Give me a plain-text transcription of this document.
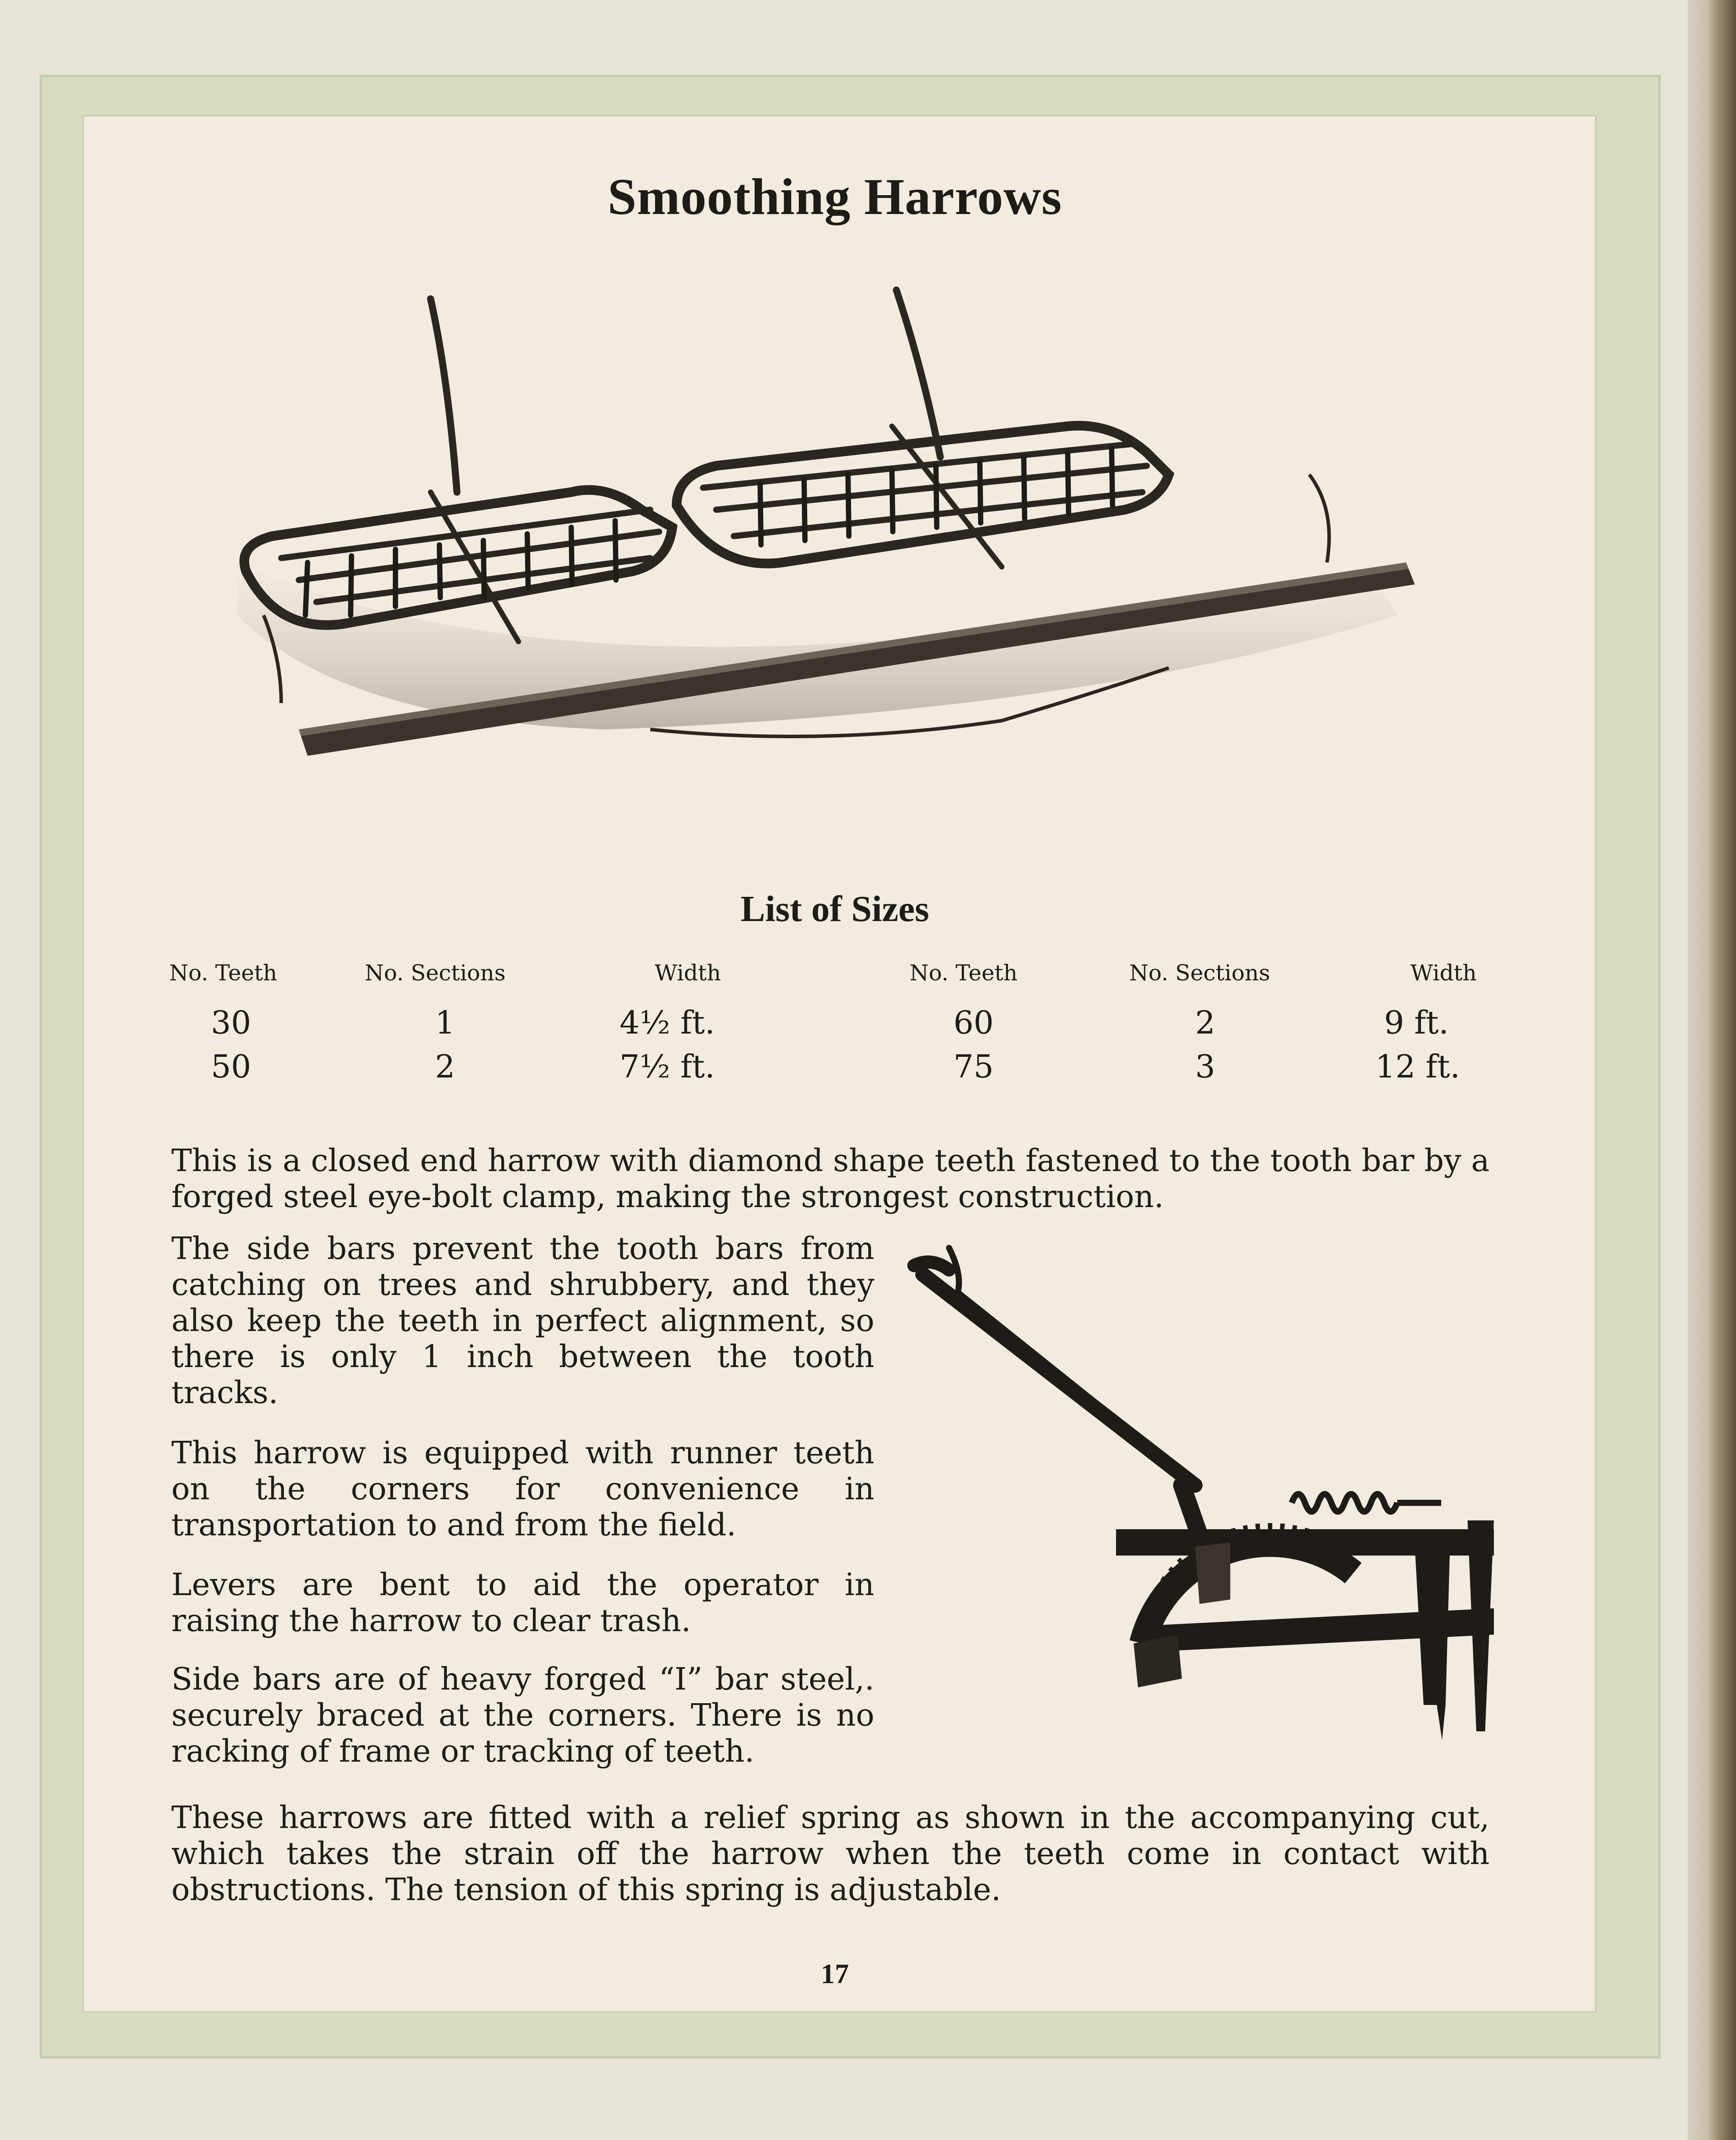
Smoothing Harrows
List of Sizes
No. Teeth	No. Sections	Width	No. Teeth	No. Sections	Width
30	1	4½ ft.	60	2	9 ft.
50	2	7½ ft.	75	3	12 ft.
This is a closed end harrow with diamond shape teeth fastened to the tooth bar by a forged steel eye-bolt clamp, making the strongest construction.
The side bars prevent the tooth bars from catching on trees and shrubbery, and they also keep the teeth in perfect alignment, so there is only 1 inch between the tooth tracks.
This harrow is equipped with runner teeth on the corners for convenience in transportation to and from the field.
Levers are bent to aid the operator in raising the harrow to clear trash.
Side bars are of heavy forged “I” bar steel,. securely braced at the corners. There is no racking of frame or tracking of teeth.
These harrows are fitted with a relief spring as shown in the accompanying cut, which takes the strain off the harrow when the teeth come in contact with obstructions. The tension of this spring is adjustable.
17
